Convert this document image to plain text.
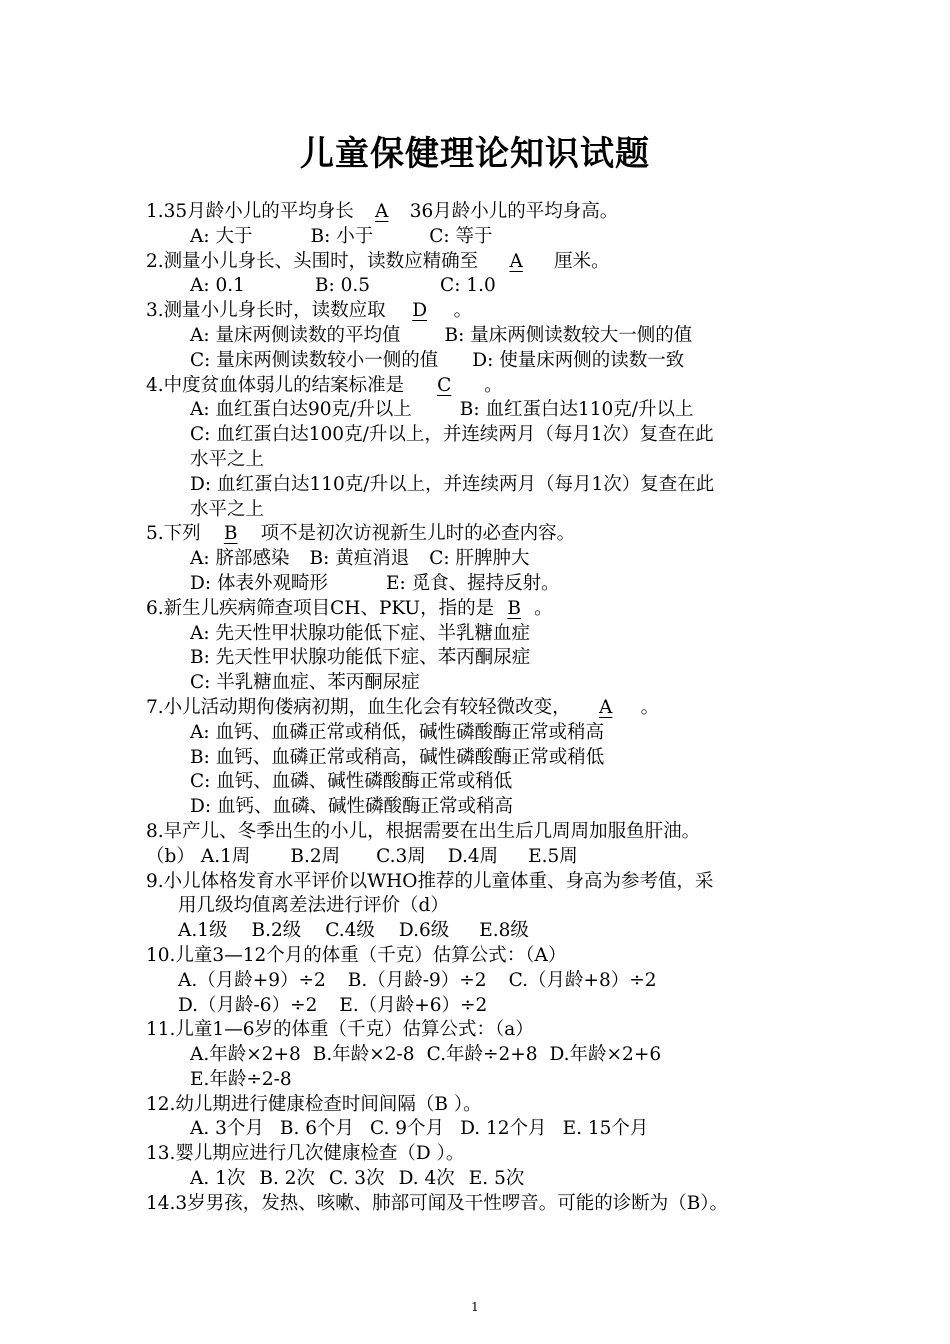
儿童保健理论知识试题
1.35月龄小儿的平均身长 A 36月龄小儿的平均身高。
A: 大于	B: 小于	C: 等于
2.测量小儿身长、头围时，读数应精确至 A 厘米。
A: 0.1	B: 0.5	C: 1.0
3.测量小儿身长时，读数应取 D 。
A: 量床两侧读数的平均值 B: 量床两侧读数较大一侧的值
C: 量床两侧读数较小一侧的值 D: 使量床两侧的读数一致
4.中度贫血体弱儿的结案标准是 C 。
A: 血红蛋白达90克/升以上	B: 血红蛋白达110克/升以上
C: 血红蛋白达100克/升以上，并连续两月（每月1次）复查在此
水平之上
D: 血红蛋白达110克/升以上，并连续两月（每月1次）复查在此
水平之上
5.下列 B 项不是初次访视新生儿时的必查内容。
A: 脐部感染 B: 黄疸消退 C: 肝脾肿大
D: 体表外观畸形	E: 觅食、握持反射。
6.新生儿疾病筛查项目CH、PKU，指的是 B 。
A: 先天性甲状腺功能低下症、半乳糖血症
B: 先天性甲状腺功能低下症、苯丙酮尿症
C: 半乳糖血症、苯丙酮尿症
7.小儿活动期佝偻病初期，血生化会有较轻微改变， A 。
A: 血钙、血磷正常或稍低，碱性磷酸酶正常或稍高
B: 血钙、血磷正常或稍高，碱性磷酸酶正常或稍低
C: 血钙、血磷、碱性磷酸酶正常或稍低
D: 血钙、血磷、碱性磷酸酶正常或稍高
8.早产儿、冬季出生的小儿，根据需要在出生后几周周加服鱼肝油。
（b） A.1周 B.2周 C.3周 D.4周 E.5周
9.小儿体格发育水平评价以WHO推荐的儿童体重、身高为参考值，采
用几级均值离差法进行评价（d）
A.1级 B.2级 C.4级 D.6级 E.8级
10.儿童3—12个月的体重（千克）估算公式：（A）
A.（月龄+9）÷2 B.（月龄-9）÷2 C.（月龄+8）÷2
D.（月龄-6）÷2 E.（月龄+6）÷2
11.儿童1—6岁的体重（千克）估算公式：（a）
A.年龄×2+8 B.年龄×2-8 C.年龄÷2+8 D.年龄×2+6
E.年龄÷2-8
12.幼儿期进行健康检查时间间隔（B ）。
A. 3个月 B. 6个月 C. 9个月 D. 12个月 E. 15个月
13.婴儿期应进行几次健康检查（D ）。
A. 1次 B. 2次 C. 3次 D. 4次 E. 5次
14.3岁男孩，发热、咳嗽、肺部可闻及干性啰音。可能的诊断为（B）。
1
